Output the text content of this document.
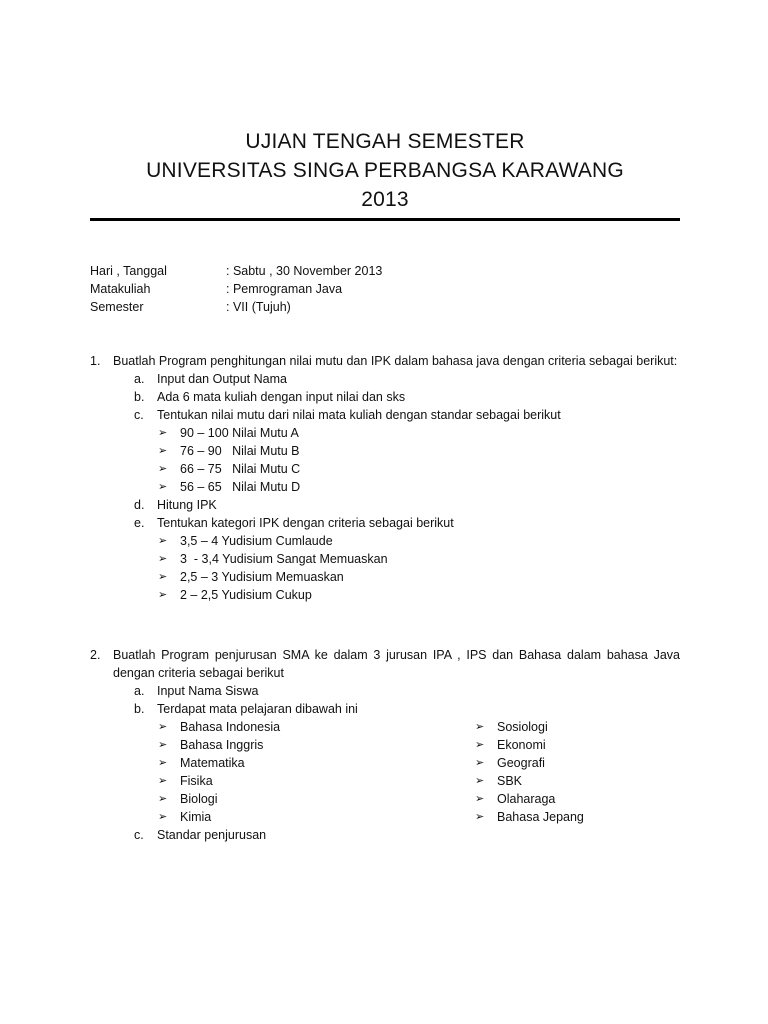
UJIAN TENGAH SEMESTER
UNIVERSITAS SINGA PERBANGSA KARAWANG
2013
Hari , Tanggal	: Sabtu , 30 November 2013
Matakuliah	: Pemrograman Java
Semester	: VII (Tujuh)
1. Buatlah Program penghitungan nilai mutu dan IPK dalam bahasa java dengan criteria sebagai berikut:
a. Input dan Output Nama
b. Ada 6 mata kuliah dengan input nilai dan sks
c. Tentukan nilai mutu dari nilai mata kuliah dengan standar sebagai berikut
➢ 90 – 100 Nilai Mutu A
➢ 76 – 90   Nilai Mutu B
➢ 66 – 75   Nilai Mutu C
➢ 56 – 65   Nilai Mutu D
d. Hitung IPK
e. Tentukan kategori IPK dengan criteria sebagai berikut
➢ 3,5 – 4 Yudisium Cumlaude
➢ 3  - 3,4 Yudisium Sangat Memuaskan
➢ 2,5 – 3 Yudisium Memuaskan
➢ 2 – 2,5 Yudisium Cukup
2. Buatlah Program penjurusan SMA ke dalam 3 jurusan IPA , IPS dan Bahasa dalam bahasa Java dengan criteria sebagai berikut
a. Input Nama Siswa
b. Terdapat mata pelajaran dibawah ini
➢ Bahasa Indonesia
➢ Bahasa Inggris
➢ Matematika
➢ Fisika
➢ Biologi
➢ Kimia
➢ Sosiologi
➢ Ekonomi
➢ Geografi
➢ SBK
➢ Olaharaga
➢ Bahasa Jepang
c. Standar penjurusan
